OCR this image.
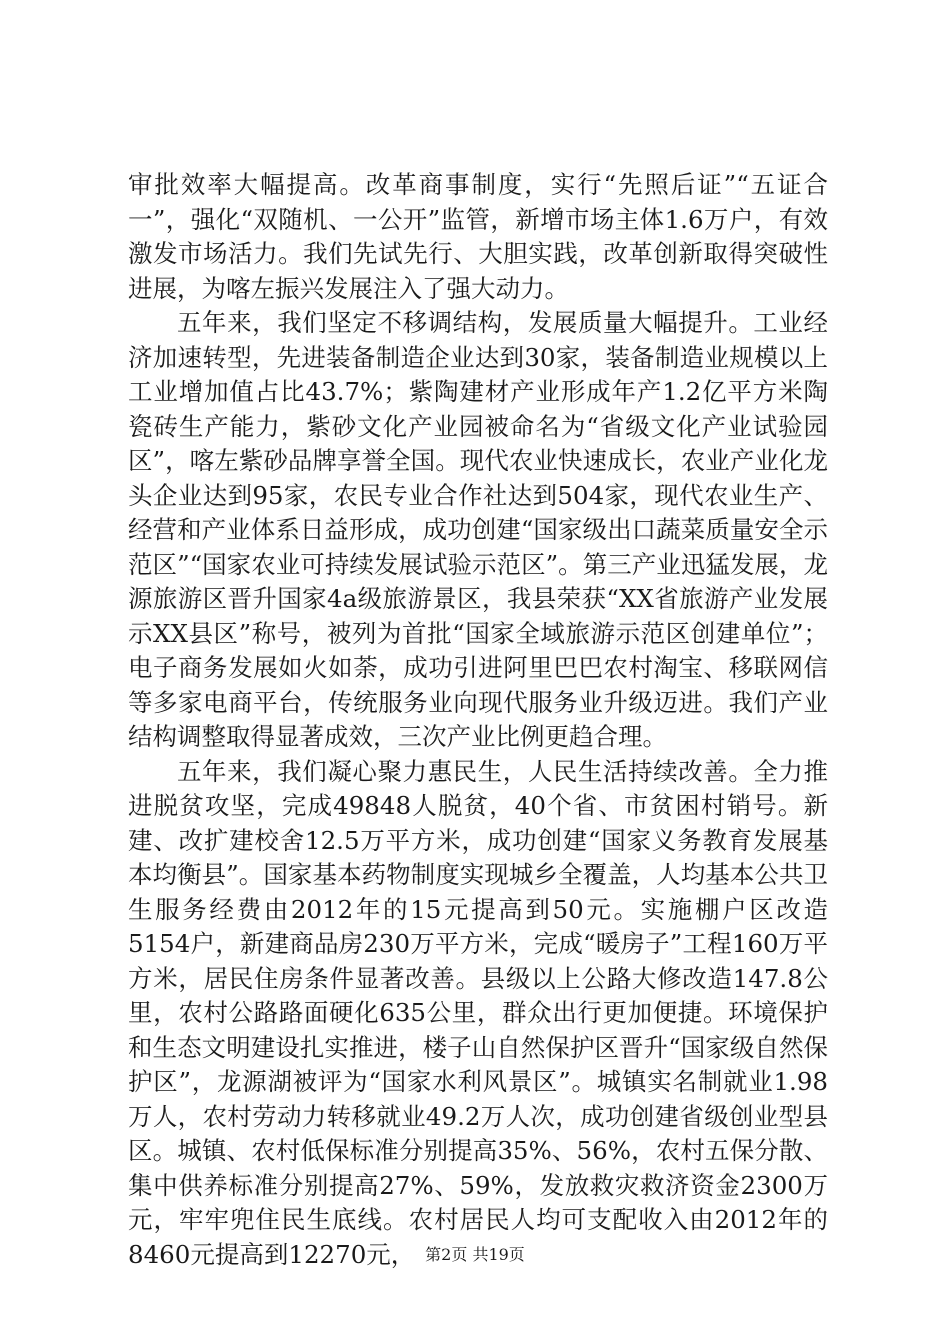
审批效率大幅提高。改革商事制度，实行“先照后证”“五证合一”，强化“双随机、一公开”监管，新增市场主体1.6万户，有效激发市场活力。我们先试先行、大胆实践，改革创新取得突破性进展，为喀左振兴发展注入了强大动力。

五年来，我们坚定不移调结构，发展质量大幅提升。工业经济加速转型，先进装备制造企业达到30家，装备制造业规模以上工业增加值占比43.7%；紫陶建材产业形成年产1.2亿平方米陶瓷砖生产能力，紫砂文化产业园被命名为“省级文化产业试验园区”，喀左紫砂品牌享誉全国。现代农业快速成长，农业产业化龙头企业达到95家，农民专业合作社达到504家，现代农业生产、经营和产业体系日益形成，成功创建“国家级出口蔬菜质量安全示范区”“国家农业可持续发展试验示范区”。第三产业迅猛发展，龙源旅游区晋升国家4a级旅游景区，我县荣获“XX省旅游产业发展示XX县区”称号，被列为首批“国家全域旅游示范区创建单位”；电子商务发展如火如荼，成功引进阿里巴巴农村淘宝、移联网信等多家电商平台，传统服务业向现代服务业升级迈进。我们产业结构调整取得显著成效，三次产业比例更趋合理。

五年来，我们凝心聚力惠民生，人民生活持续改善。全力推进脱贫攻坚，完成49848人脱贫，40个省、市贫困村销号。新建、改扩建校舍12.5万平方米，成功创建“国家义务教育发展基本均衡县”。国家基本药物制度实现城乡全覆盖，人均基本公共卫生服务经费由2012年的15元提高到50元。实施棚户区改造5154户，新建商品房230万平方米，完成“暖房子”工程160万平方米，居民住房条件显著改善。县级以上公路大修改造147.8公里，农村公路路面硬化635公里，群众出行更加便捷。环境保护和生态文明建设扎实推进，楼子山自然保护区晋升“国家级自然保护区”，龙源湖被评为“国家水利风景区”。城镇实名制就业1.98万人，农村劳动力转移就业49.2万人次，成功创建省级创业型县区。城镇、农村低保标准分别提高35%、56%，农村五保分散、集中供养标准分别提高27%、59%，发放救灾救济资金2300万元，牢牢兜住民生底线。农村居民人均可支配收入由2012年的8460元提高到12270元， 第2页 共19页
